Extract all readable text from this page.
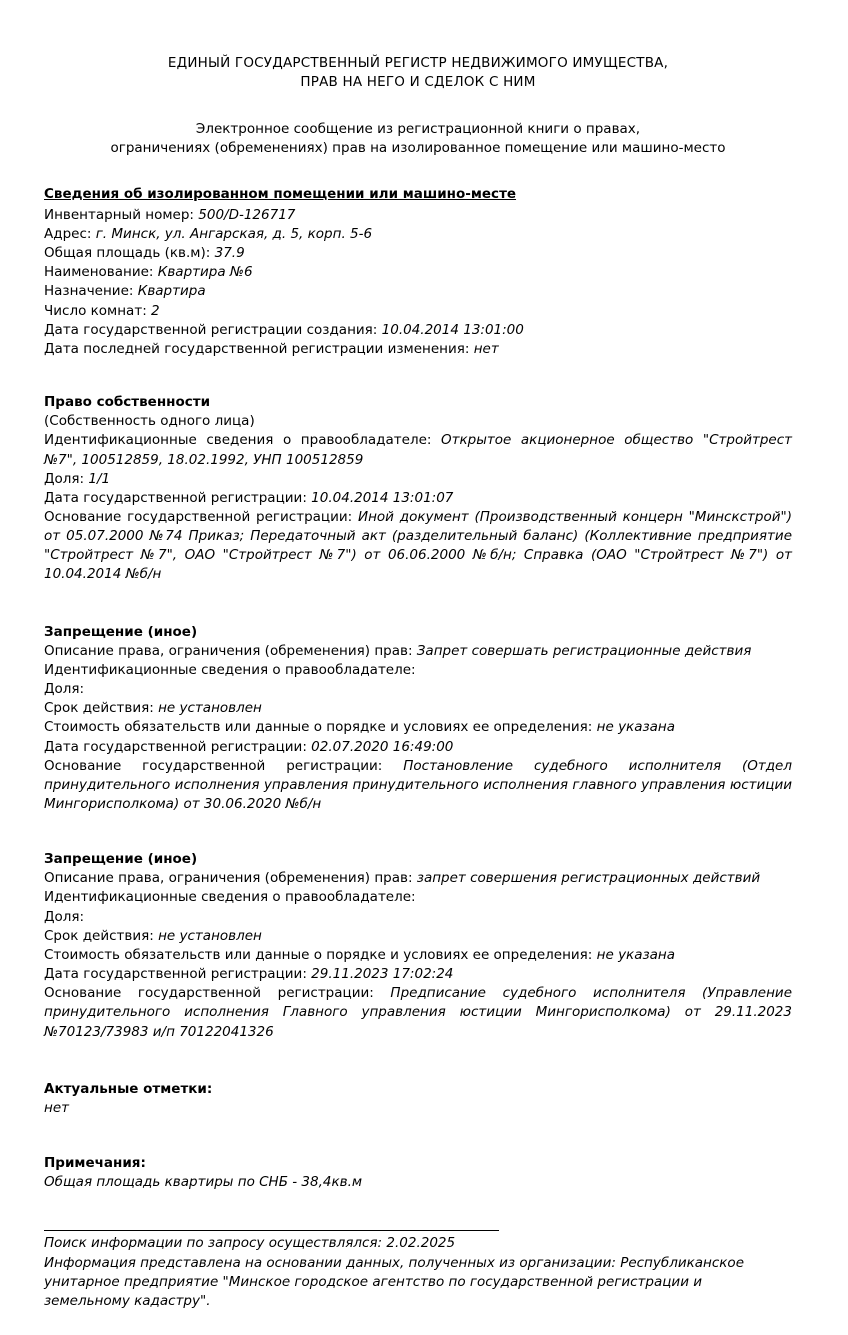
ЕДИНЫЙ ГОСУДАРСТВЕННЫЙ РЕГИСТР НЕДВИЖИМОГО ИМУЩЕСТВА,
ПРАВ НА НЕГО И СДЕЛОК С НИМ
Электронное сообщение из регистрационной книги о правах,
ограничениях (обременениях) прав на изолированное помещение или машино-место
Сведения об изолированном помещении или машино-месте
Инвентарный номер: 500/D-126717
Адрес: г. Минск, ул. Ангарская, д. 5, корп. 5-6
Общая площадь (кв.м): 37.9
Наименование: Квартира №6
Назначение: Квартира
Число комнат: 2
Дата государственной регистрации создания: 10.04.2014 13:01:00
Дата последней государственной регистрации изменения: нет
Право собственности
(Собственность одного лица)
Идентификационные сведения о правообладателе: Открытое акционерное общество "Стройтрест №7", 100512859, 18.02.1992, УНП 100512859
Доля: 1/1
Дата государственной регистрации: 10.04.2014 13:01:07
Основание государственной регистрации: Иной документ (Производственный концерн "Минскстрой") от 05.07.2000 №74 Приказ; Передаточный акт (разделительный баланс) (Коллективние предприятие "Стройтрест №7", ОАО "Стройтрест №7") от 06.06.2000 №б/н; Справка (ОАО "Стройтрест №7") от 10.04.2014 №б/н
Запрещение (иное)
Описание права, ограничения (обременения) прав: Запрет совершать регистрационные действия
Идентификационные сведения о правообладателе:
Доля:
Срок действия: не установлен
Стоимость обязательств или данные о порядке и условиях ее определения: не указана
Дата государственной регистрации: 02.07.2020 16:49:00
Основание государственной регистрации: Постановление судебного исполнителя (Отдел принудительного исполнения управления принудительного исполнения главного управления юстиции Мингорисполкома) от 30.06.2020 №б/н
Запрещение (иное)
Описание права, ограничения (обременения) прав: запрет совершения регистрационных действий
Идентификационные сведения о правообладателе:
Доля:
Срок действия: не установлен
Стоимость обязательств или данные о порядке и условиях ее определения: не указана
Дата государственной регистрации: 29.11.2023 17:02:24
Основание государственной регистрации: Предписание судебного исполнителя (Управление принудительного исполнения Главного управления юстиции Мингорисполкома) от 29.11.2023 №70123/73983 и/п 70122041326
Актуальные отметки:
нет
Примечания:
Общая площадь квартиры по СНБ - 38,4кв.м
Поиск информации по запросу осуществлялся: 2.02.2025
Информация представлена на основании данных, полученных из организации: Республиканское унитарное предприятие "Минское городское агентство по государственной регистрации и земельному кадастру".
